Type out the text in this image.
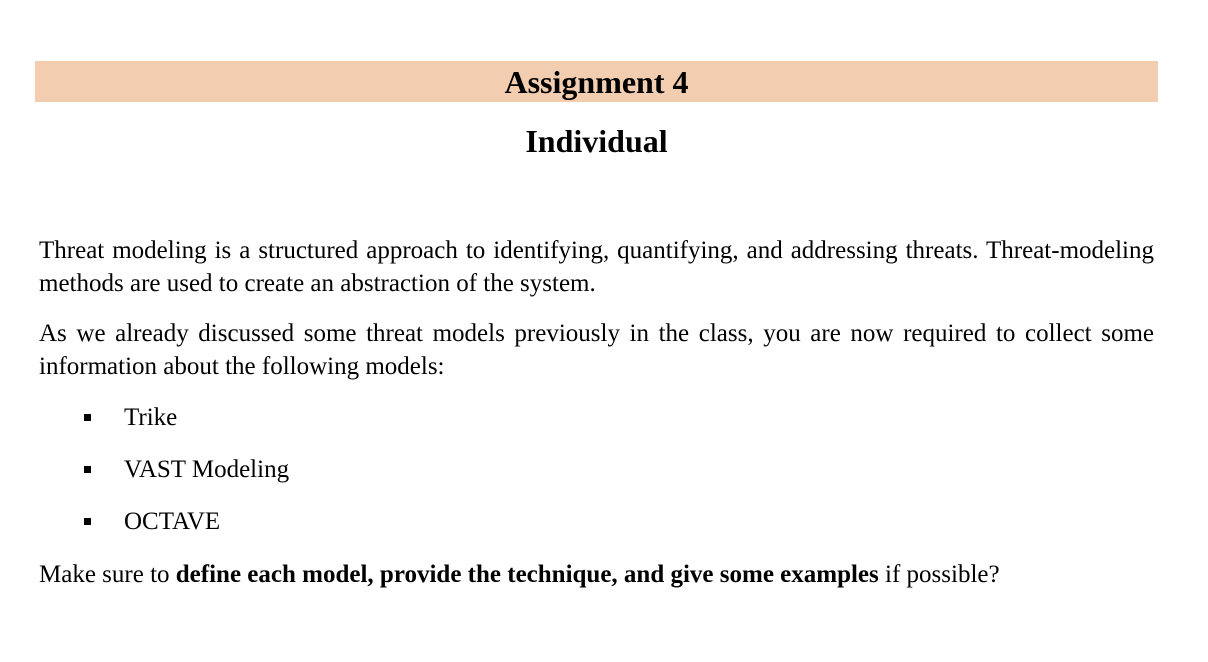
Assignment 4
Individual

Threat modeling is a structured approach to identifying, quantifying, and addressing threats. Threat-modeling methods are used to create an abstraction of the system.

As we already discussed some threat models previously in the class, you are now required to collect some information about the following models:

Trike
VAST Modeling
OCTAVE

Make sure to define each model, provide the technique, and give some examples if possible?
